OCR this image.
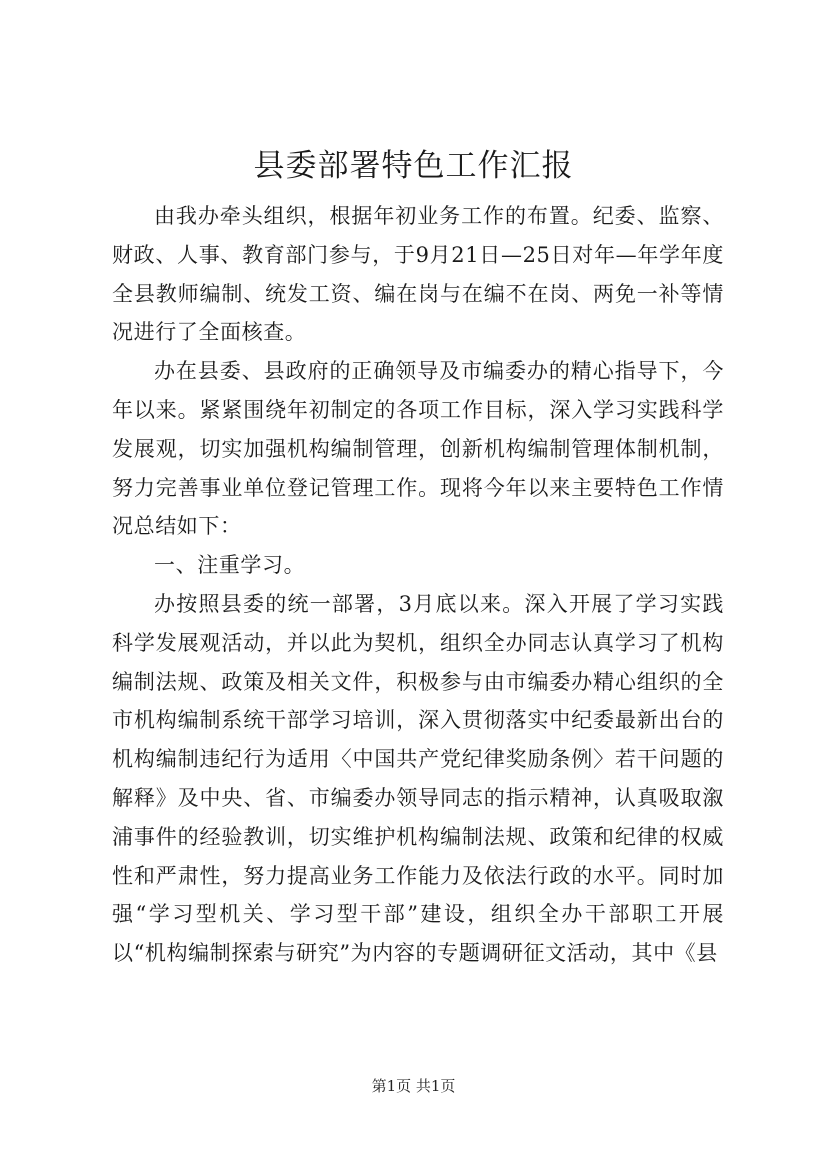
县委部署特色工作汇报

由我办牵头组织，根据年初业务工作的布置。纪委、监察、财政、人事、教育部门参与，于9月21日—25日对年—年学年度全县教师编制、统发工资、编在岗与在编不在岗、两免一补等情况进行了全面核查。

办在县委、县政府的正确领导及市编委办的精心指导下，今年以来。紧紧围绕年初制定的各项工作目标，深入学习实践科学发展观，切实加强机构编制管理，创新机构编制管理体制机制，努力完善事业单位登记管理工作。现将今年以来主要特色工作情况总结如下：

一、注重学习。

办按照县委的统一部署，3月底以来。深入开展了学习实践科学发展观活动，并以此为契机，组织全办同志认真学习了机构编制法规、政策及相关文件，积极参与由市编委办精心组织的全市机构编制系统干部学习培训，深入贯彻落实中纪委最新出台的机构编制违纪行为适用〈中国共产党纪律奖励条例〉若干问题的解释》及中央、省、市编委办领导同志的指示精神，认真吸取溆浦事件的经验教训，切实维护机构编制法规、政策和纪律的权威性和严肃性，努力提高业务工作能力及依法行政的水平。同时加强“学习型机关、学习型干部”建设，组织全办干部职工开展以“机构编制探索与研究”为内容的专题调研征文活动，其中《县

第1页 共1页
